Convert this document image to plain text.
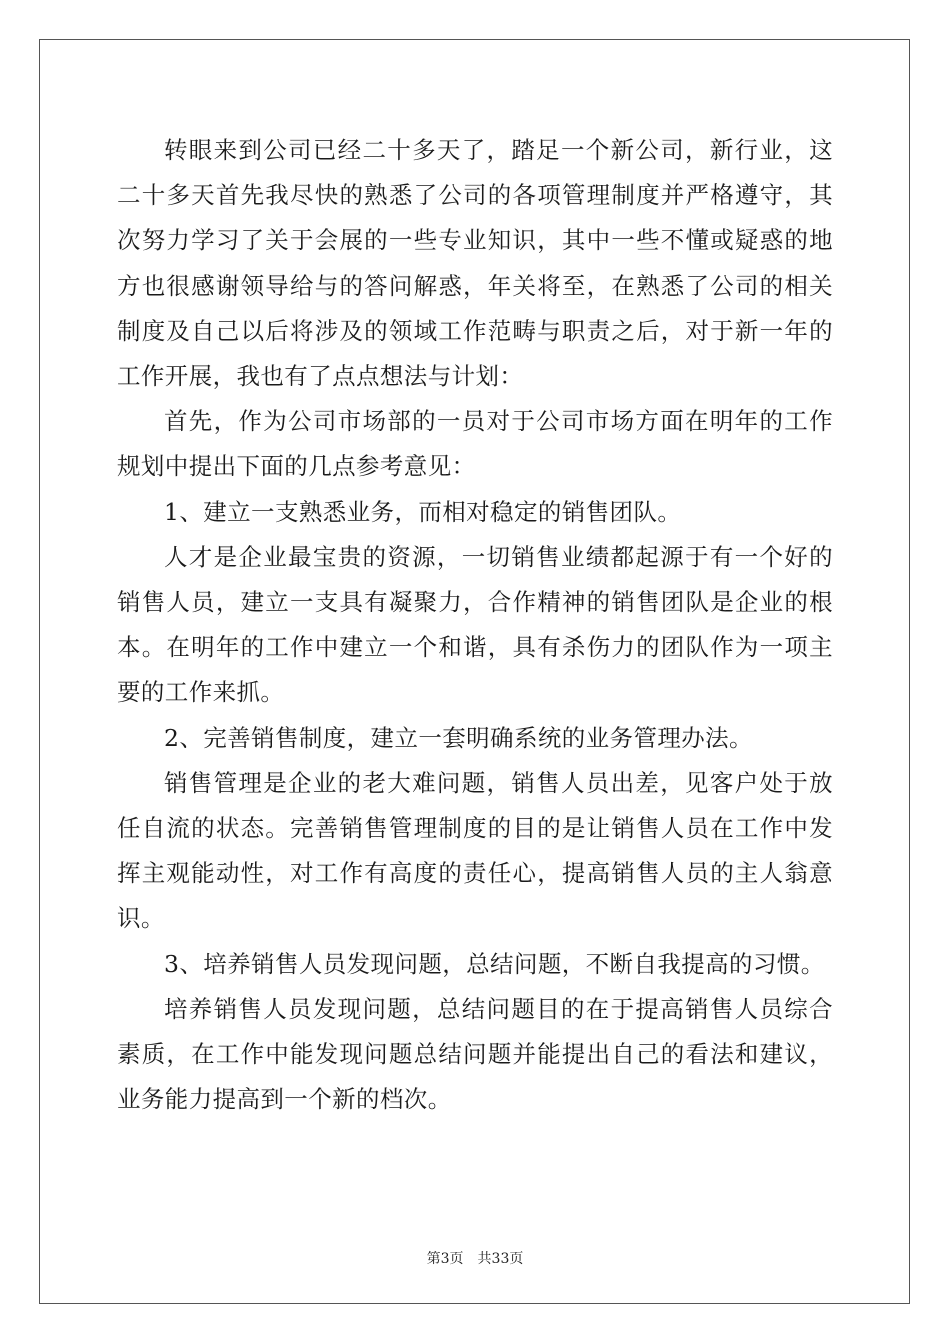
转眼来到公司已经二十多天了，踏足一个新公司，新行业，这二十多天首先我尽快的熟悉了公司的各项管理制度并严格遵守，其次努力学习了关于会展的一些专业知识，其中一些不懂或疑惑的地方也很感谢领导给与的答问解惑，年关将至，在熟悉了公司的相关制度及自己以后将涉及的领域工作范畴与职责之后，对于新一年的工作开展，我也有了点点想法与计划：

首先，作为公司市场部的一员对于公司市场方面在明年的工作规划中提出下面的几点参考意见：

1、建立一支熟悉业务，而相对稳定的销售团队。

人才是企业最宝贵的资源，一切销售业绩都起源于有一个好的销售人员，建立一支具有凝聚力，合作精神的销售团队是企业的根本。在明年的工作中建立一个和谐，具有杀伤力的团队作为一项主要的工作来抓。

2、完善销售制度，建立一套明确系统的业务管理办法。

销售管理是企业的老大难问题，销售人员出差，见客户处于放任自流的状态。完善销售管理制度的目的是让销售人员在工作中发挥主观能动性，对工作有高度的责任心，提高销售人员的主人翁意识。

3、培养销售人员发现问题，总结问题，不断自我提高的习惯。

培养销售人员发现问题，总结问题目的在于提高销售人员综合素质，在工作中能发现问题总结问题并能提出自己的看法和建议，业务能力提高到一个新的档次。

第3页　共33页
